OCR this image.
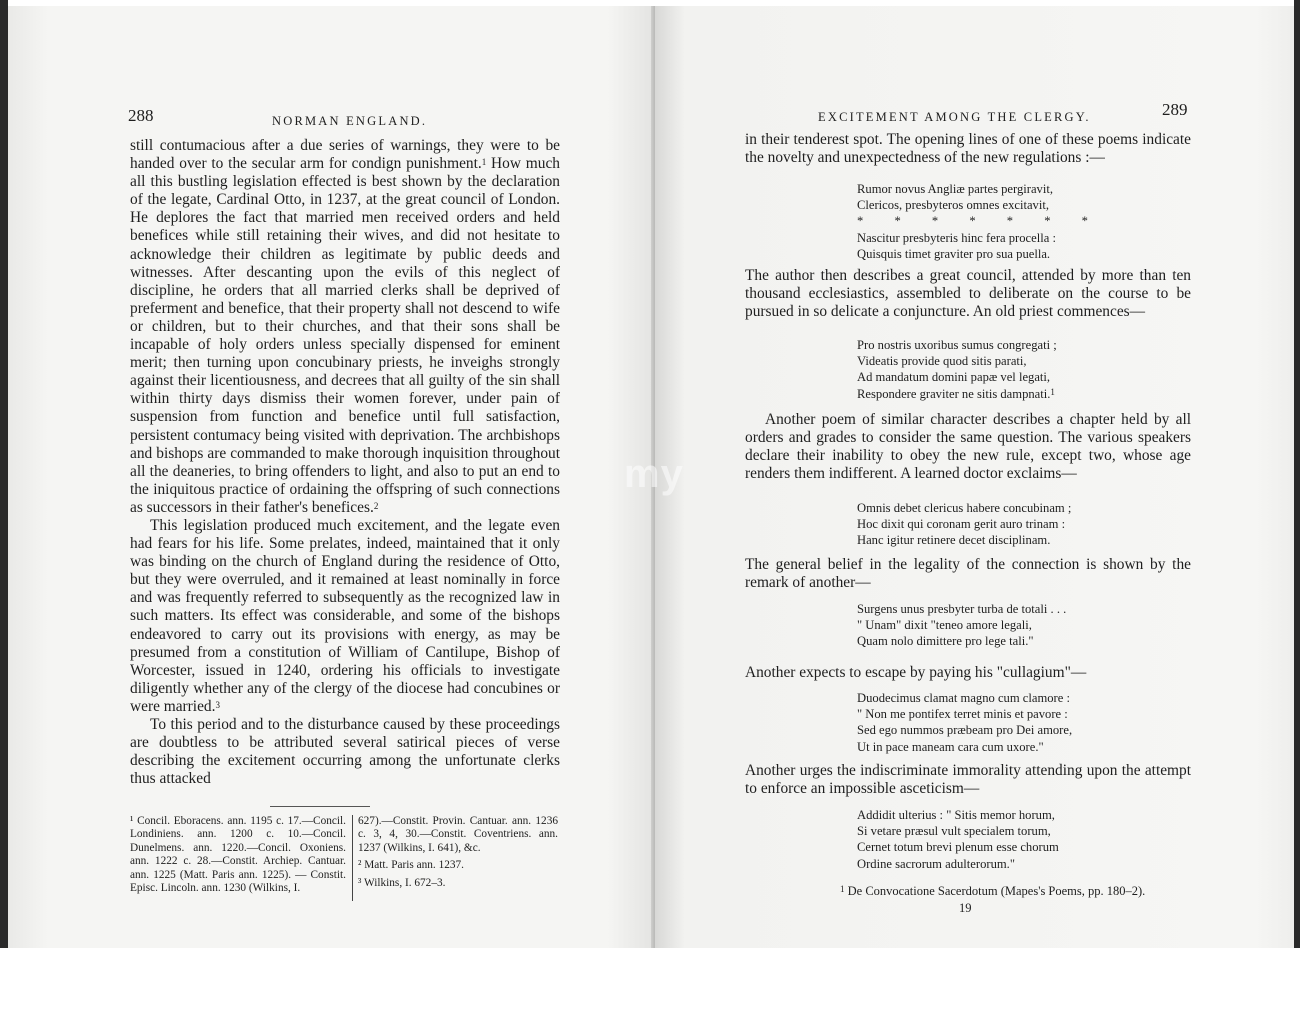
288	NORMAN ENGLAND.

still contumacious after a due series of warnings, they were to be handed over to the secular arm for condign punishment.$^1$ How much all this bustling legislation effected is best shown by the declaration of the legate, Cardinal Otto, in 1237, at the great council of London. He deplores the fact that married men received orders and held benefices while still retaining their wives, and did not hesitate to acknowledge their children as legitimate by public deeds and witnesses. After descanting upon the evils of this neglect of discipline, he orders that all married clerks shall be deprived of preferment and benefice, that their property shall not descend to wife or children, but to their churches, and that their sons shall be incapable of holy orders unless specially dispensed for eminent merit; then turning upon concubinary priests, he inveighs strongly against their licentiousness, and decrees that all guilty of the sin shall within thirty days dismiss their women forever, under pain of suspension from function and benefice until full satisfaction, persistent contumacy being visited with deprivation. The archbishops and bishops are commanded to make thorough inquisition throughout all the deaneries, to bring offenders to light, and also to put an end to the iniquitous practice of ordaining the offspring of such connections as successors in their father's benefices.$^2$

This legislation produced much excitement, and the legate even had fears for his life. Some prelates, indeed, maintained that it only was binding on the church of England during the residence of Otto, but they were overruled, and it remained at least nominally in force and was frequently referred to subsequently as the recognized law in such matters. Its effect was considerable, and some of the bishops endeavored to carry out its provisions with energy, as may be presumed from a constitution of William of Cantilupe, Bishop of Worcester, issued in 1240, ordering his officials to investigate diligently whether any of the clergy of the diocese had concubines or were married.$^3$

To this period and to the disturbance caused by these proceedings are doubtless to be attributed several satirical pieces of verse describing the excitement occurring among the unfortunate clerks thus attacked

¹ Concil. Eboracens. ann. 1195 c. 17.—Concil. Londiniens. ann. 1200 c. 10.—Concil. Dunelmens. ann. 1220.—Concil. Oxoniens. ann. 1222 c. 28.—Constit. Archiep. Cantuar. ann. 1225 (Matt. Paris ann. 1225). — Constit. Episc. Lincoln. ann. 1230 (Wilkins, I.
627).—Constit. Provin. Cantuar. ann. 1236 c. 3, 4, 30.—Constit. Coventriens. ann. 1237 (Wilkins, I. 641), &c.
² Matt. Paris ann. 1237.
³ Wilkins, I. 672–3.
EXCITEMENT AMONG THE CLERGY.	289

in their tenderest spot. The opening lines of one of these poems indicate the novelty and unexpectedness of the new regulations :—

Rumor novus Angliæ partes pergiravit,
Clericos, presbyteros omnes excitavit,
* * * * * * *
Nascitur presbyteris hinc fera procella :
Quisquis timet graviter pro sua puella.

The author then describes a great council, attended by more than ten thousand ecclesiastics, assembled to deliberate on the course to be pursued in so delicate a conjuncture. An old priest commences—

Pro nostris uxoribus sumus congregati ;
Videatis provide quod sitis parati,
Ad mandatum domini papæ vel legati,
Respondere graviter ne sitis dampnati.$^1$

Another poem of similar character describes a chapter held by all orders and grades to consider the same question. The various speakers declare their inability to obey the new rule, except two, whose age renders them indifferent. A learned doctor exclaims—

Omnis debet clericus habere concubinam ;
Hoc dixit qui coronam gerit auro trinam :
Hanc igitur retinere decet disciplinam.

The general belief in the legality of the connection is shown by the remark of another—

Surgens unus presbyter turba de totali . . .
" Unam" dixit "teneo amore legali,
Quam nolo dimittere pro lege tali."

Another expects to escape by paying his "cullagium"—

Duodecimus clamat magno cum clamore :
" Non me pontifex terret minis et pavore :
Sed ego nummos præbeam pro Dei amore,
Ut in pace maneam cara cum uxore."

Another urges the indiscriminate immorality attending upon the attempt to enforce an impossible asceticism—

Addidit ulterius : " Sitis memor horum,
Si vetare præsul vult specialem torum,
Cernet totum brevi plenum esse chorum
Ordine sacrorum adulterorum."
$^1$ De Convocatione Sacerdotum (Mapes's Poems, pp. 180–2).
19
my
